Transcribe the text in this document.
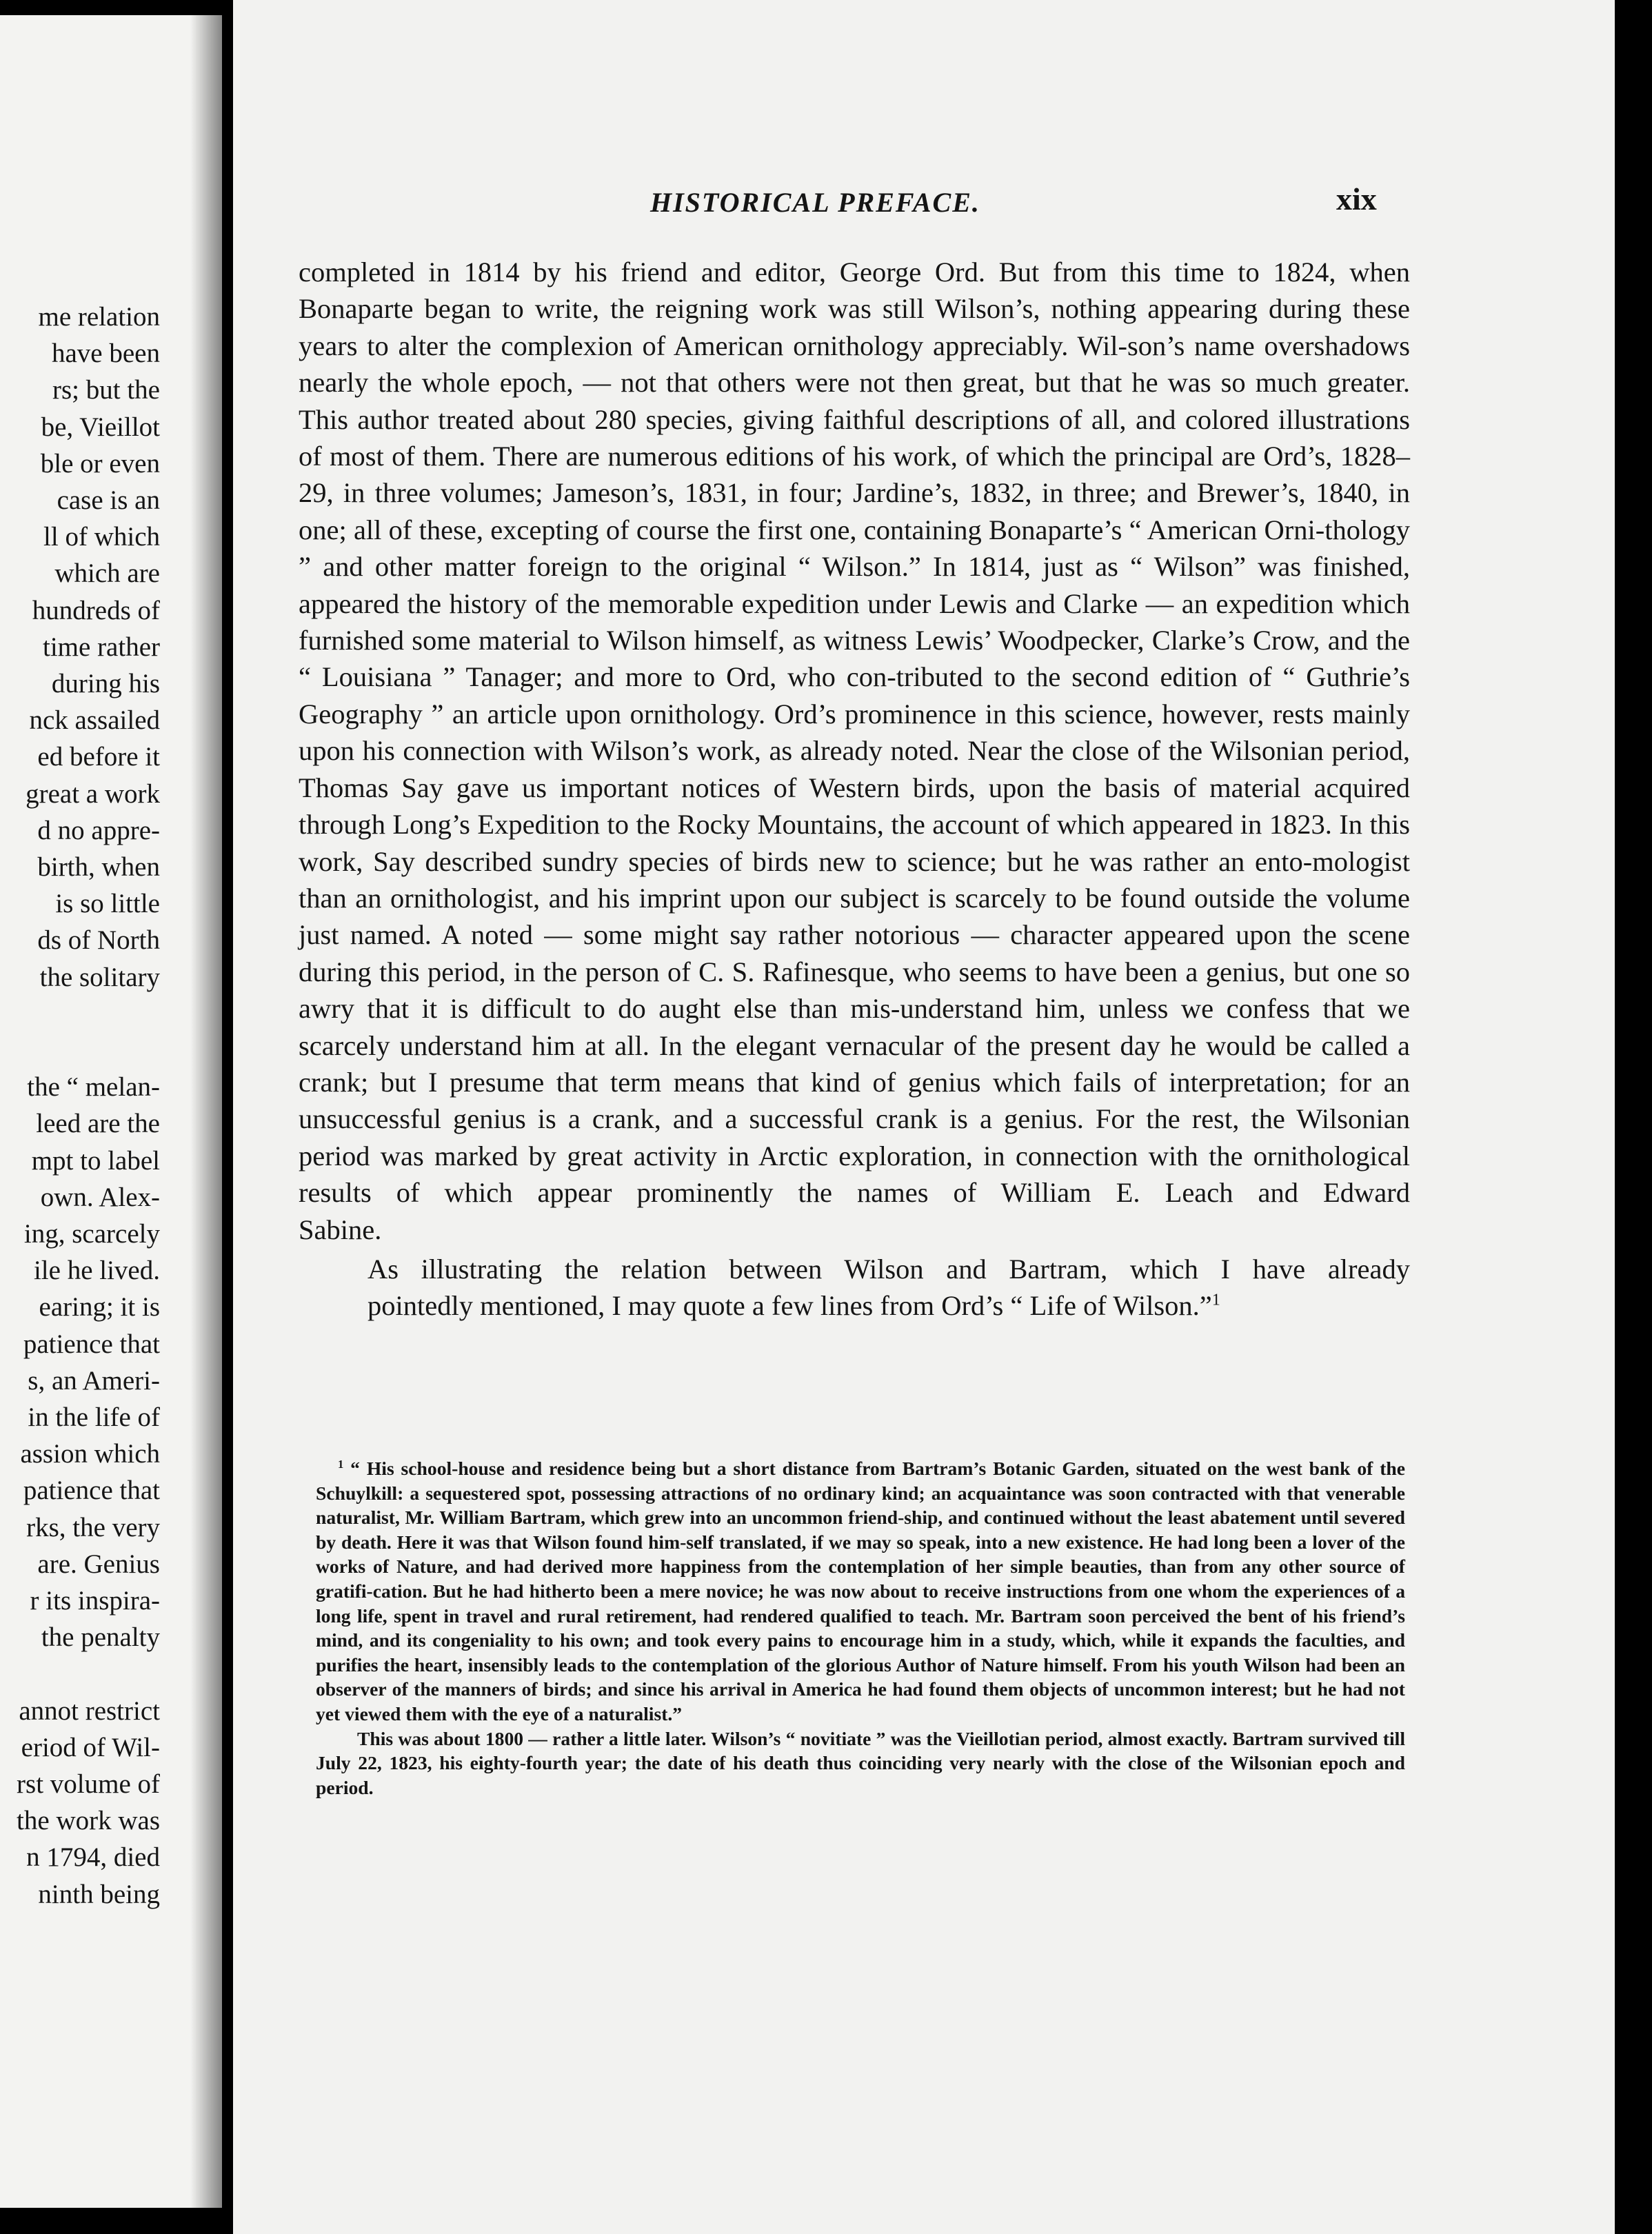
me relation
have been
rs; but the
be, Vieillot
ble or even
case is an
ll of which
which are
hundreds of
time rather
during his
nck assailed
ed before it
great a work
d no appre-
birth, when
is so little
ds of North
the solitary
the “ melan-
leed are the
mpt to label
own. Alex-
ing, scarcely
ile he lived.
earing; it is
patience that
s, an Ameri-
in the life of
assion which
patience that
rks, the very
are. Genius
r its inspira-
the penalty
annot restrict
eriod of Wil-
rst volume of
the work was
n 1794, died
ninth being
HISTORICAL PREFACE.	xix

completed in 1814 by his friend and editor, George Ord. But from this time to 1824, when Bonaparte began to write, the reigning work was still Wilson’s, nothing appearing during these years to alter the complexion of American ornithology appreciably. Wil-son’s name overshadows nearly the whole epoch, — not that others were not then great, but that he was so much greater. This author treated about 280 species, giving faithful descriptions of all, and colored illustrations of most of them. There are numerous editions of his work, of which the principal are Ord’s, 1828–29, in three volumes; Jameson’s, 1831, in four; Jardine’s, 1832, in three; and Brewer’s, 1840, in one; all of these, excepting of course the first one, containing Bonaparte’s “ American Orni-thology ” and other matter foreign to the original “ Wilson.” In 1814, just as “ Wilson” was finished, appeared the history of the memorable expedition under Lewis and Clarke — an expedition which furnished some material to Wilson himself, as witness Lewis’ Woodpecker, Clarke’s Crow, and the “ Louisiana ” Tanager; and more to Ord, who con-tributed to the second edition of “ Guthrie’s Geography ” an article upon ornithology. Ord’s prominence in this science, however, rests mainly upon his connection with Wilson’s work, as already noted. Near the close of the Wilsonian period, Thomas Say gave us important notices of Western birds, upon the basis of material acquired through Long’s Expedition to the Rocky Mountains, the account of which appeared in 1823. In this work, Say described sundry species of birds new to science; but he was rather an ento-mologist than an ornithologist, and his imprint upon our subject is scarcely to be found outside the volume just named. A noted — some might say rather notorious — character appeared upon the scene during this period, in the person of C. S. Rafinesque, who seems to have been a genius, but one so awry that it is difficult to do aught else than mis-understand him, unless we confess that we scarcely understand him at all. In the elegant vernacular of the present day he would be called a crank; but I presume that term means that kind of genius which fails of interpretation; for an unsuccessful genius is a crank, and a successful crank is a genius. For the rest, the Wilsonian period was marked by great activity in Arctic exploration, in connection with the ornithological results of which appear prominently the names of William E. Leach and Edward
Sabine.

As illustrating the relation between Wilson and Bartram, which I have already
pointedly mentioned, I may quote a few lines from Ord’s “ Life of Wilson.”$^1$

$^1$ “ His school-house and residence being but a short distance from Bartram’s Botanic Garden, situated on the west bank of the Schuylkill: a sequestered spot, possessing attractions of no ordinary kind; an acquaintance was soon contracted with that venerable naturalist, Mr. William Bartram, which grew into an uncommon friend-ship, and continued without the least abatement until severed by death. Here it was that Wilson found him-self translated, if we may so speak, into a new existence. He had long been a lover of the works of Nature, and had derived more happiness from the contemplation of her simple beauties, than from any other source of gratifi-cation. But he had hitherto been a mere novice; he was now about to receive instructions from one whom the experiences of a long life, spent in travel and rural retirement, had rendered qualified to teach. Mr. Bartram soon perceived the bent of his friend’s mind, and its congeniality to his own; and took every pains to encourage him in a study, which, while it expands the faculties, and purifies the heart, insensibly leads to the contemplation of the glorious Author of Nature himself. From his youth Wilson had been an observer of the manners of birds; and since his arrival in America he had found them objects of uncommon interest; but he had not yet viewed them with the eye of a naturalist.”

This was about 1800 — rather a little later. Wilson’s “ novitiate ” was the Vieillotian period, almost exactly. Bartram survived till July 22, 1823, his eighty-fourth year; the date of his death thus coinciding very nearly with the close of the Wilsonian epoch and period.
